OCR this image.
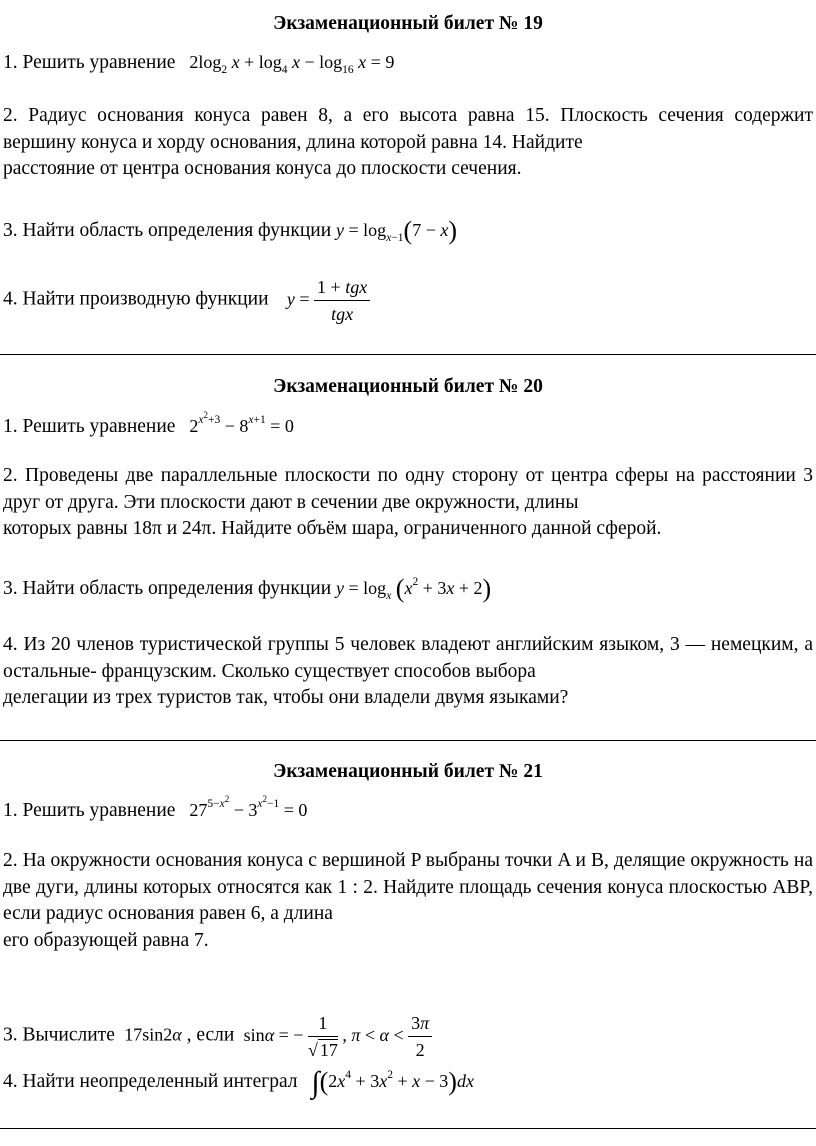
Экзаменационный билет № 19
1. Решить уравнение   $2\log_2$ $x + \log_4 x - \log_{16} x = 9$
2. Радиус основания конуса равен 8, а его высота равна 15. Плоскость сечения содержит вершину конуса и хорду основания, длина которой равна 14. Найдите
расстояние от центра основания конуса до плоскости сечения.
3. Найти область определения функции $y = \log_{x-1}(7 - x)$
4. Найти производную функции $y = \frac{\text{1 + tgx}}{\text{tgx}}$
Экзаменационный билет № 20
1. Решить уравнение   $2^{x^2+3} - 8^{x+1} = 0$
2. Проведены две параллельные плоскости по одну сторону от центра сферы на расстоянии 3 друг от друга. Эти плоскости дают в сечении две окружности, длины
которых равны 18π и 24π. Найдите объём шара, ограниченного данной сферой.
3. Найти область определения функции $y = \log_x (x^2 + 3x + 2)$
4. Из 20 членов туристической группы 5 человек владеют английским языком, 3 — немецким, а остальные- французским. Сколько существует способов выбора
делегации из трех туристов так, чтобы они владели двумя языками?
Экзаменационный билет № 21
1. Решить уравнение   $27^{5-x^2} - 3^{x^2-1} = 0$
2. На окружности основания конуса с вершиной P выбраны точки A и B, делящие окружность на две дуги, длины которых относятся как 1 : 2. Найдите площадь сечения конуса плоскостью ABP, если радиус основания равен 6, а длина
его образующей равна 7.
3. Вычислите  17sin2α , если  sinα = − $\frac{1}{√ 17}$ , $\pi < \alpha < \frac{3\pi}{2}$
4. Найти неопределенный интеграл $\int(2x^4 + 3x^2 + x - 3)dx$
